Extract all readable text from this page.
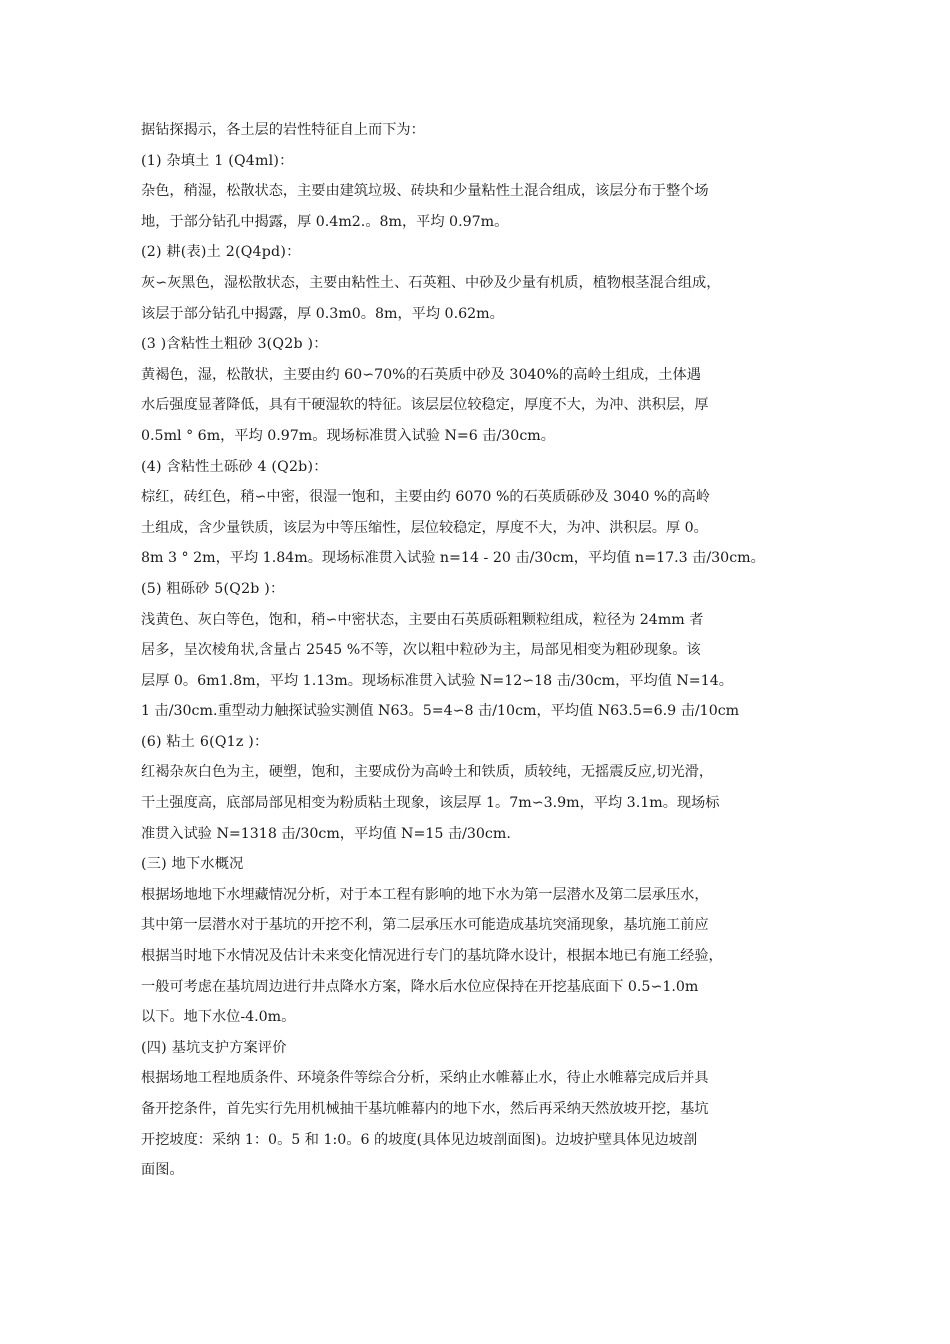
据钻探揭示，各土层的岩性特征自上而下为：
(1) 杂填土 1 (Q4ml)：
杂色，稍湿，松散状态，主要由建筑垃圾、砖块和少量粘性土混合组成，该层分布于整个场
地，于部分钻孔中揭露，厚 0.4m2.。8m，平均 0.97m。
(2) 耕(表)土 2(Q4pd)：
灰∽灰黑色，湿松散状态，主要由粘性土、石英粗、中砂及少量有机质，植物根茎混合组成，
该层于部分钻孔中揭露，厚 0.3m0。8m，平均 0.62m。
(3 )含粘性土粗砂 3(Q2b )：
黄褐色，湿，松散状，主要由约 60∽70%的石英质中砂及 3040%的高岭土组成，土体遇
水后强度显著降低，具有干硬湿软的特征。该层层位较稳定，厚度不大，为冲、洪积层，厚
0.5ml ° 6m，平均 0.97m。现场标准贯入试验 N=6 击/30cm。
(4) 含粘性土砾砂 4 (Q2b)：
棕红，砖红色，稍∽中密，很湿一饱和，主要由约 6070 %的石英质砾砂及 3040 %的高岭
土组成，含少量铁质，该层为中等压缩性，层位较稳定，厚度不大，为冲、洪积层。厚 0。
8m 3 ° 2m，平均 1.84m。现场标准贯入试验 n=14 - 20 击/30cm，平均值 n=17.3 击/30cm。
(5) 粗砾砂 5(Q2b )：
浅黄色、灰白等色，饱和，稍∽中密状态，主要由石英质砾粗颗粒组成，粒径为 24mm 者
居多，呈次棱角状,含量占 2545 %不等，次以粗中粒砂为主，局部见相变为粗砂现象。该
层厚 0。6m1.8m，平均 1.13m。现场标准贯入试验 N=12∽18 击/30cm，平均值 N=14。
1 击/30cm.重型动力触探试验实测值 N63。5=4∽8 击/10cm，平均值 N63.5=6.9 击/10cm
(6) 粘土 6(Q1z )：
红褐杂灰白色为主，硬塑，饱和，主要成份为高岭土和铁质，质较纯，无摇震反应,切光滑，
干土强度高，底部局部见相变为粉质粘土现象，该层厚 1。7m∽3.9m，平均 3.1m。现场标
准贯入试验 N=1318 击/30cm，平均值 N=15 击/30cm.
(三) 地下水概况
根据场地地下水埋藏情况分析，对于本工程有影响的地下水为第一层潜水及第二层承压水，
其中第一层潜水对于基坑的开挖不利，第二层承压水可能造成基坑突涌现象，基坑施工前应
根据当时地下水情况及估计未来变化情况进行专门的基坑降水设计，根据本地已有施工经验，
一般可考虑在基坑周边进行井点降水方案，降水后水位应保持在开挖基底面下 0.5∽1.0m
以下。地下水位-4.0m。
(四) 基坑支护方案评价
根据场地工程地质条件、环境条件等综合分析，采纳止水帷幕止水，待止水帷幕完成后并具
备开挖条件，首先实行先用机械抽干基坑帷幕内的地下水，然后再采纳天然放坡开挖，基坑
开挖坡度：采纳 1：0。5 和 1:0。6 的坡度(具体见边坡剖面图)。边坡护壁具体见边坡剖
面图。
